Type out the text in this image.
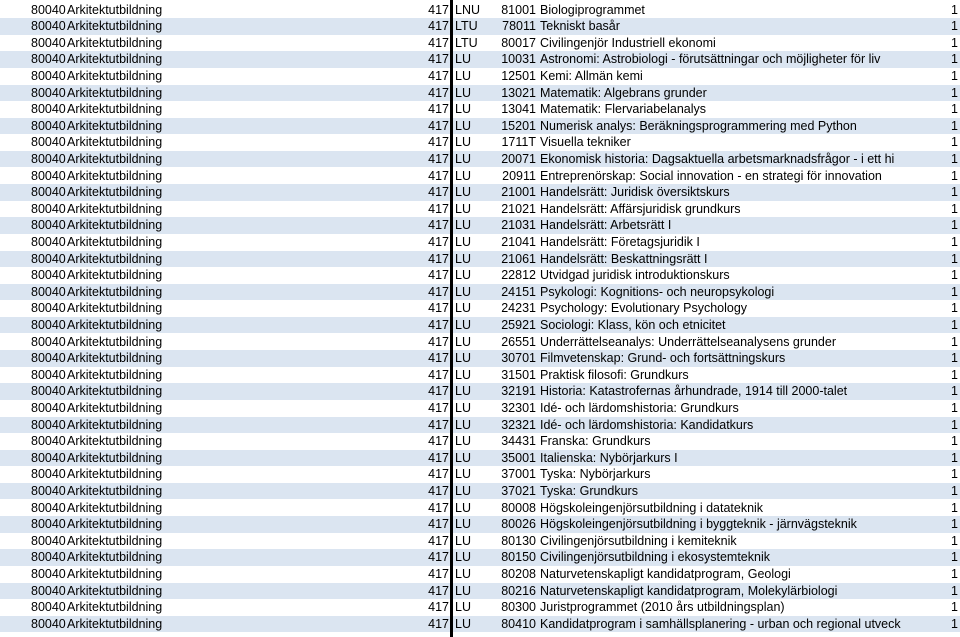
80040 Arkitektutbildning	417 LU	80410 Kandidatprogram i samhällsplanering - urban och regional utveck	1
80040 Arkitektutbildning	417 LU	80300 Juristprogrammet (2010 års utbildningsplan)	1
80040 Arkitektutbildning	417 LU	80216 Naturvetenskapligt kandidatprogram, Molekylärbiologi	1
80040 Arkitektutbildning	417 LU	80208 Naturvetenskapligt kandidatprogram, Geologi	1
80040 Arkitektutbildning	417 LU	80150 Civilingenjörsutbildning i ekosystemteknik	1
80040 Arkitektutbildning	417 LU	80130 Civilingenjörsutbildning i kemiteknik	1
80040 Arkitektutbildning	417 LU	80026 Högskoleingenjörsutbildning i byggteknik - järnvägsteknik	1
80040 Arkitektutbildning	417 LU	80008 Högskoleingenjörsutbildning i datateknik	1
80040 Arkitektutbildning	417 LU	37021 Tyska: Grundkurs	1
80040 Arkitektutbildning	417 LU	37001 Tyska: Nybörjarkurs	1
80040 Arkitektutbildning	417 LU	35001 Italienska: Nybörjarkurs I	1
80040 Arkitektutbildning	417 LU	34431 Franska: Grundkurs	1
80040 Arkitektutbildning	417 LU	32321 Idé- och lärdomshistoria: Kandidatkurs	1
80040 Arkitektutbildning	417 LU	32301 Idé- och lärdomshistoria: Grundkurs	1
80040 Arkitektutbildning	417 LU	32191 Historia: Katastrofernas århundrade, 1914 till 2000-talet	1
80040 Arkitektutbildning	417 LU	31501 Praktisk filosofi: Grundkurs	1
80040 Arkitektutbildning	417 LU	30701 Filmvetenskap: Grund- och fortsättningskurs	1
80040 Arkitektutbildning	417 LU	26551 Underrättelseanalys: Underrättelseanalysens grunder	1
80040 Arkitektutbildning	417 LU	25921 Sociologi: Klass, kön och etnicitet	1
80040 Arkitektutbildning	417 LU	24231 Psychology: Evolutionary Psychology	1
80040 Arkitektutbildning	417 LU	24151 Psykologi: Kognitions- och neuropsykologi	1
80040 Arkitektutbildning	417 LU	22812 Utvidgad juridisk introduktionskurs	1
80040 Arkitektutbildning	417 LU	21061 Handelsrätt: Beskattningsrätt I	1
80040 Arkitektutbildning	417 LU	21041 Handelsrätt: Företagsjuridik I	1
80040 Arkitektutbildning	417 LU	21031 Handelsrätt: Arbetsrätt I	1
80040 Arkitektutbildning	417 LU	21021 Handelsrätt: Affärsjuridisk grundkurs	1
80040 Arkitektutbildning	417 LU	21001 Handelsrätt: Juridisk översiktskurs	1
80040 Arkitektutbildning	417 LU	20911 Entreprenörskap: Social innovation - en strategi för innovation	1
80040 Arkitektutbildning	417 LU	20071 Ekonomisk historia: Dagsaktuella arbetsmarknadsfrågor - i ett hi	1
80040 Arkitektutbildning	417 LU	1711T Visuella tekniker	1
80040 Arkitektutbildning	417 LU	15201 Numerisk analys: Beräkningsprogrammering med Python	1
80040 Arkitektutbildning	417 LU	13041 Matematik: Flervariabelanalys	1
80040 Arkitektutbildning	417 LU	13021 Matematik: Algebrans grunder	1
80040 Arkitektutbildning	417 LU	12501 Kemi: Allmän kemi	1
80040 Arkitektutbildning	417 LU	10031 Astronomi: Astrobiologi - förutsättningar och möjligheter för liv	1
80040 Arkitektutbildning	417 LTU	80017 Civilingenjör Industriell ekonomi	1
80040 Arkitektutbildning	417 LTU	78011 Tekniskt basår	1
80040 Arkitektutbildning	417 LNU	81001 Biologiprogrammet	1
